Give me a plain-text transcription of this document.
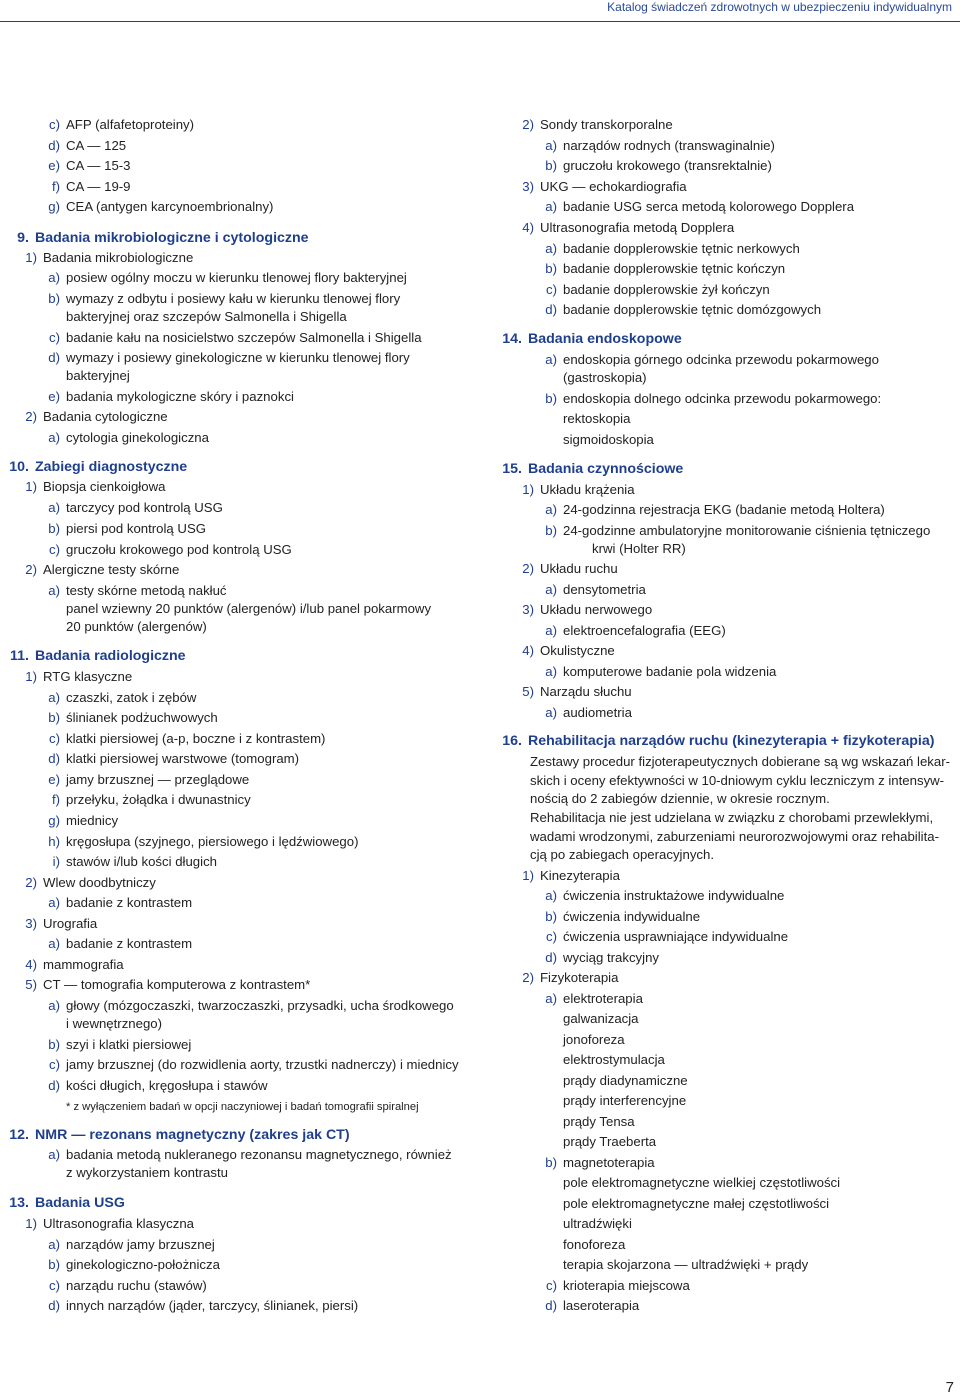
Katalog świadczeń zdrowotnych w ubezpieczeniu indywidualnym
c) AFP (alfafetoproteiny)
d) CA — 125
e) CA — 15-3
f) CA — 19-9
g) CEA (antygen karcynoembrionalny)
9. Badania mikrobiologiczne i cytologiczne
1) Badania mikrobiologiczne
a) posiew ogólny moczu w kierunku tlenowej flory bakteryjnej
b) wymazy z odbytu i posiewy kału w kierunku tlenowej flory
bakteryjnej oraz szczepów Salmonella i Shigella
c) badanie kału na nosicielstwo szczepów Salmonella i Shigella
d) wymazy i posiewy ginekologiczne w kierunku tlenowej flory
bakteryjnej
e) badania mykologiczne skóry i paznokci
2) Badania cytologiczne
a) cytologia ginekologiczna
10. Zabiegi diagnostyczne
1) Biopsja cienkoigłowa
a) tarczycy pod kontrolą USG
b) piersi pod kontrolą USG
c) gruczołu krokowego pod kontrolą USG
2) Alergiczne testy skórne
a) testy skórne metodą nakłuć
panel wziewny 20 punktów (alergenów) i/lub panel pokarmowy
20 punktów (alergenów)
11. Badania radiologiczne
1) RTG klasyczne
a) czaszki, zatok i zębów
b) ślinianek podżuchwowych
c) klatki piersiowej (a-p, boczne i z kontrastem)
d) klatki piersiowej warstwowe (tomogram)
e) jamy brzusznej — przeglądowe
f) przełyku, żołądka i dwunastnicy
g) miednicy
h) kręgosłupa (szyjnego, piersiowego i lędźwiowego)
i) stawów i/lub kości długich
2) Wlew doodbytniczy
a) badanie z kontrastem
3) Urografia
a) badanie z kontrastem
4) mammografia
5) CT — tomografia komputerowa z kontrastem*
a) głowy (mózgoczaszki, twarzoczaszki, przysadki, ucha środkowego
i wewnętrznego)
b) szyi i klatki piersiowej
c) jamy brzusznej (do rozwidlenia aorty, trzustki nadnerczy) i miednicy
d) kości długich, kręgosłupa i stawów
* z wyłączeniem badań w opcji naczyniowej i badań tomografii spiralnej
12. NMR — rezonans magnetyczny (zakres jak CT)
a) badania metodą nukleranego rezonansu magnetycznego, również
z wykorzystaniem kontrastu
13. Badania USG
1) Ultrasonografia klasyczna
a) narządów jamy brzusznej
b) ginekologiczno-położnicza
c) narządu ruchu (stawów)
d) innych narządów (jąder, tarczycy, ślinianek, piersi)
2) Sondy transkorporalne
a) narządów rodnych (transwaginalnie)
b) gruczołu krokowego (transrektalnie)
3) UKG — echokardiografia
a) badanie USG serca metodą kolorowego Dopplera
4) Ultrasonografia metodą Dopplera
a) badanie dopplerowskie tętnic nerkowych
b) badanie dopplerowskie tętnic kończyn
c) badanie dopplerowskie żył kończyn
d) badanie dopplerowskie tętnic domózgowych
14. Badania endoskopowe
a) endoskopia górnego odcinka przewodu pokarmowego
(gastroskopia)
b) endoskopia dolnego odcinka przewodu pokarmowego:
rektoskopia
sigmoidoskopia
15. Badania czynnościowe
1) Układu krążenia
a) 24-godzinna rejestracja EKG (badanie metodą Holtera)
b) 24-godzinne ambulatoryjne monitorowanie ciśnienia tętniczego
krwi (Holter RR)
2) Układu ruchu
a) densytometria
3) Układu nerwowego
a) elektroencefalografia (EEG)
4) Okulistyczne
a) komputerowe badanie pola widzenia
5) Narządu słuchu
a) audiometria
16. Rehabilitacja narządów ruchu (kinezyterapia + fizykoterapia)
Zestawy procedur fizjoterapeutycznych dobierane są wg wskazań lekar-
skich i oceny efektywności w 10-dniowym cyklu leczniczym z intensyw-
nością do 2 zabiegów dziennie, w okresie rocznym.
Rehabilitacja nie jest udzielana w związku z chorobami przewlekłymi,
wadami wrodzonymi, zaburzeniami neurorozwojowymi oraz rehabilita-
cją po zabiegach operacyjnych.
1) Kinezyterapia
a) ćwiczenia instruktażowe indywidualne
b) ćwiczenia indywidualne
c) ćwiczenia usprawniające indywidualne
d) wyciąg trakcyjny
2) Fizykoterapia
a) elektroterapia
galwanizacja
jonoforeza
elektrostymulacja
prądy diadynamiczne
prądy interferencyjne
prądy Tensa
prądy Traeberta
b) magnetoterapia
pole elektromagnetyczne wielkiej częstotliwości
pole elektromagnetyczne małej częstotliwości
ultradźwięki
fonoforeza
terapia skojarzona — ultradźwięki + prądy
c) krioterapia miejscowa
d) laseroterapia
7
